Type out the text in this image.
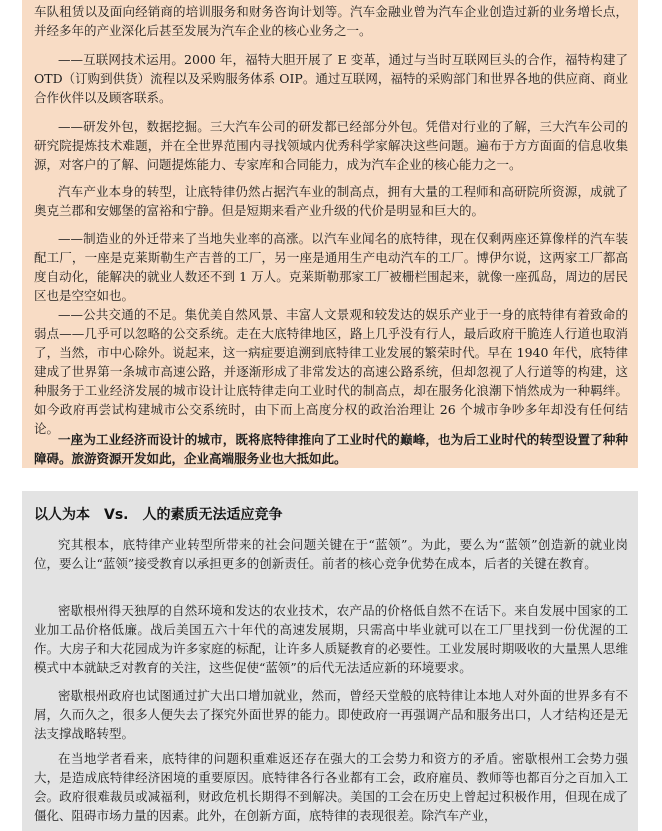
车队租赁以及面向经销商的培训服务和财务咨询计划等。汽车金融业曾为汽车企业创造过新的业务增长点，并经多年的产业深化后甚至发展为汽车企业的核心业务之一。

——互联网技术运用。2000 年，福特大胆开展了 E 变革，通过与当时互联网巨头的合作，福特构建了 OTD（订购到供货）流程以及采购服务体系 OIP。通过互联网，福特的采购部门和世界各地的供应商、商业合作伙伴以及顾客联系。

——研发外包，数据挖掘。三大汽车公司的研发都已经部分外包。凭借对行业的了解，三大汽车公司的研究院提炼技术难题，并在全世界范围内寻找领域内优秀科学家解决这些问题。遍布于方方面面的信息收集源，对客户的了解、问题提炼能力、专家库和合同能力，成为汽车企业的核心能力之一。

汽车产业本身的转型，让底特律仍然占据汽车业的制高点，拥有大量的工程师和高研院所资源，成就了奥克兰郡和安娜堡的富裕和宁静。但是短期来看产业升级的代价是明显和巨大的。

——制造业的外迁带来了当地失业率的高涨。以汽车业闻名的底特律，现在仅剩两座还算像样的汽车装配工厂，一座是克莱斯勒生产吉普的工厂，另一座是通用生产电动汽车的工厂。博伊尔说，这两家工厂都高度自动化，能解决的就业人数还不到 1 万人。克莱斯勒那家工厂被栅栏围起来，就像一座孤岛，周边的居民区也是空空如也。

——公共交通的不足。集优美自然风景、丰富人文景观和较发达的娱乐产业于一身的底特律有着致命的弱点——几乎可以忽略的公交系统。走在大底特律地区，路上几乎没有行人，最后政府干脆连人行道也取消了，当然，市中心除外。说起来，这一病症要追溯到底特律工业发展的繁荣时代。早在 1940 年代，底特律建成了世界第一条城市高速公路，并逐渐形成了非常发达的高速公路系统，但却忽视了人行道等的构建，这种服务于工业经济发展的城市设计让底特律走向工业时代的制高点，却在服务化浪潮下悄然成为一种羁绊。如今政府再尝试构建城市公交系统时，由下而上高度分权的政治治理让 26 个城市争吵多年却没有任何结论。

一座为工业经济而设计的城市，既将底特律推向了工业时代的巅峰，也为后工业时代的转型设置了种种障碍。旅游资源开发如此，企业高端服务业也大抵如此。

以人为本　Vs.　人的素质无法适应竞争

究其根本，底特律产业转型所带来的社会问题关键在于“蓝领”。为此，要么为“蓝领”创造新的就业岗位，要么让“蓝领”接受教育以承担更多的创新责任。前者的核心竞争优势在成本，后者的关键在教育。

密歇根州得天独厚的自然环境和发达的农业技术，农产品的价格低自然不在话下。来自发展中国家的工业加工品价格低廉。战后美国五六十年代的高速发展期，只需高中毕业就可以在工厂里找到一份优渥的工作。大房子和大花园成为许多家庭的标配，让许多人质疑教育的必要性。工业发展时期吸收的大量黑人思维模式中本就缺乏对教育的关注，这些促使“蓝领”的后代无法适应新的环境要求。

密歇根州政府也试图通过扩大出口增加就业，然而，曾经天堂般的底特律让本地人对外面的世界多有不屑，久而久之，很多人便失去了探究外面世界的能力。即使政府一再强调产品和服务出口，人才结构还是无法支撑战略转型。

在当地学者看来，底特律的问题积重难返还存在强大的工会势力和资方的矛盾。密歇根州工会势力强大，是造成底特律经济困境的重要原因。底特律各行各业都有工会，政府雇员、教师等也都百分之百加入工会。政府很难裁员或减福利，财政危机长期得不到解决。美国的工会在历史上曾起过积极作用，但现在成了僵化、阻碍市场力量的因素。此外，在创新方面，底特律的表现很差。除汽车产业，
